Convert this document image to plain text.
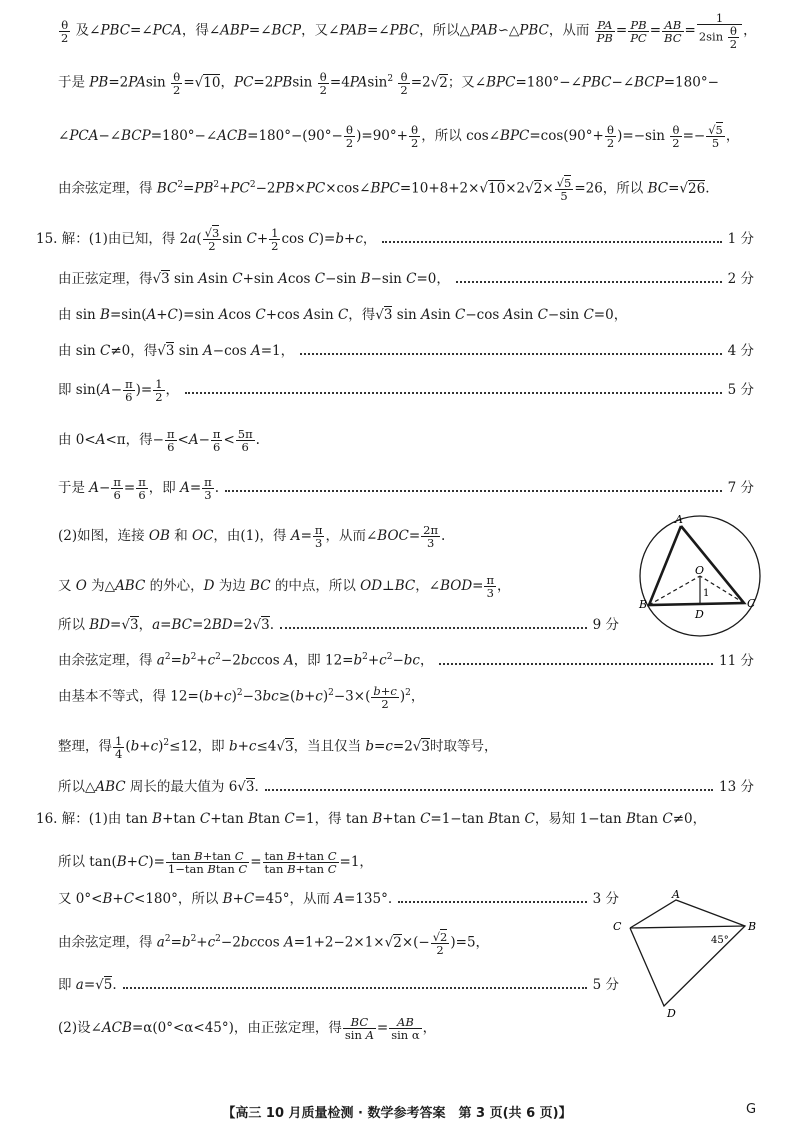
$\frac{\theta}{2}$ 及∠PBC=∠PCA，得∠ABP=∠BCP，又∠PAB=∠PBC，所以△PAB∽△PBC，从而 $\frac{PA}{PB} = \frac{PB}{PC} = \frac{AB}{BC} = \frac{1}{2\sin \frac{\theta}{2}}$ ，
于是 $PB=2PAsin \frac{\theta}{2} =√10$，$PC=2PBsin \frac{\theta}{2} =4PAsin^2 \frac{\theta}{2} =2√2$；又∠BPC=180°−∠PBC−∠BCP=180°−
∠PCA−∠BCP=180°−∠ACB=180°−(90°− $\frac{\theta}{2} )=90^\circ+ \frac{\theta}{2}$ ，所以 cos∠BPC=cos(90°+ $\frac{\theta}{2} )=-\sin \frac{\theta}{2} =- \frac{√5}{5}$ ，
由余弦定理，得 $BC^2=PB^2+PC^2-2PB\times PC\times\cos\angle BPC=10+8+2\times√10\times 2√2\times \frac{√5}{5} =26$，所以 BC=√26.
15. 解：(1)由已知，得 $2a( \frac{√3}{2}$ $\sin C+ \frac{1}{2}$ cos C)=b+c，	1 分
由正弦定理，得√3 sin Asin C+sin Acos C−sin B−sin C=0，	2 分
由 sin B=sin(A+C)=sin Acos C+cos Asin C，得√3 sin Asin C−cos Asin C−sin C=0，
由 sin C≠0，得√3 sin A−cos A=1，	4 分
即 $\sin(A- \frac{\pi}{6}$ )= $\frac{1}{2}$ ，	5 分
由 0<A<π，得− $\frac{\pi}{6} <A- \frac{\pi}{6} < \frac{5\pi}{6}$ .
于是 $A- \frac{\pi}{6} = \frac{\pi}{6}$ ，即 $A= \frac{\pi}{3}$ .	7 分
(2)如图，连接 OB 和 OC，由(1)，得 $A= \frac{\pi}{3}$ ，从而∠BOC= $\frac{2\pi}{3}$ .
又 O 为△ABC 的外心，D 为边 BC 的中点，所以 OD⊥BC，∠BOD= $\frac{\pi}{3}$ ，
所以 BD=√3，a=BC=2BD=2√3.	9 分
由余弦定理，得 $a^2=b^2+c^2-2bccos$ A，即 $12=b^2+c^2-bc$，	11 分
由基本不等式，得 $12=(b+c)^2-3bc\ge(b+c)^2-3\times( \frac{b+c}{2} )^2$，
整理，得 $\frac{1}{4} (b+c)^2\le 12$，即 b+c≤4√3，当且仅当 b=c=2√3时取等号，
所以△ABC 周长的最大值为 6√3.	13 分
16. 解：(1)由 tan B+tan C+tan Btan C=1，得 tan B+tan C=1−tan Btan C，易知 1−tan Btan C≠0，
所以 $\tan(B+C)= \frac{\text{tan B+tan C}}{\text{1−tan Btan C}} = \frac{\text{tan B+tan C}}{\text{tan B+tan C}} =1$，
又 0°<B+C<180°，所以 B+C=45°，从而 A=135°.	3 分
由余弦定理，得 $a^2=b^2+c^2-2bccos$ $A=1+2-2\times 1\times√2\times(- \frac{√2}{2} )=5$，
即 a=√5.	5 分
(2)设∠ACB=α(0°<α<45°)，由正弦定理，得 $\frac{BC}{\text{sin A}} = \frac{AB}{\text{sin α}}$ ，
A
B	C
D
O
1
A
C	B
D
45°
【高三 10 月质量检测 · 数学参考答案　第 3 页(共 6 页)】	G
